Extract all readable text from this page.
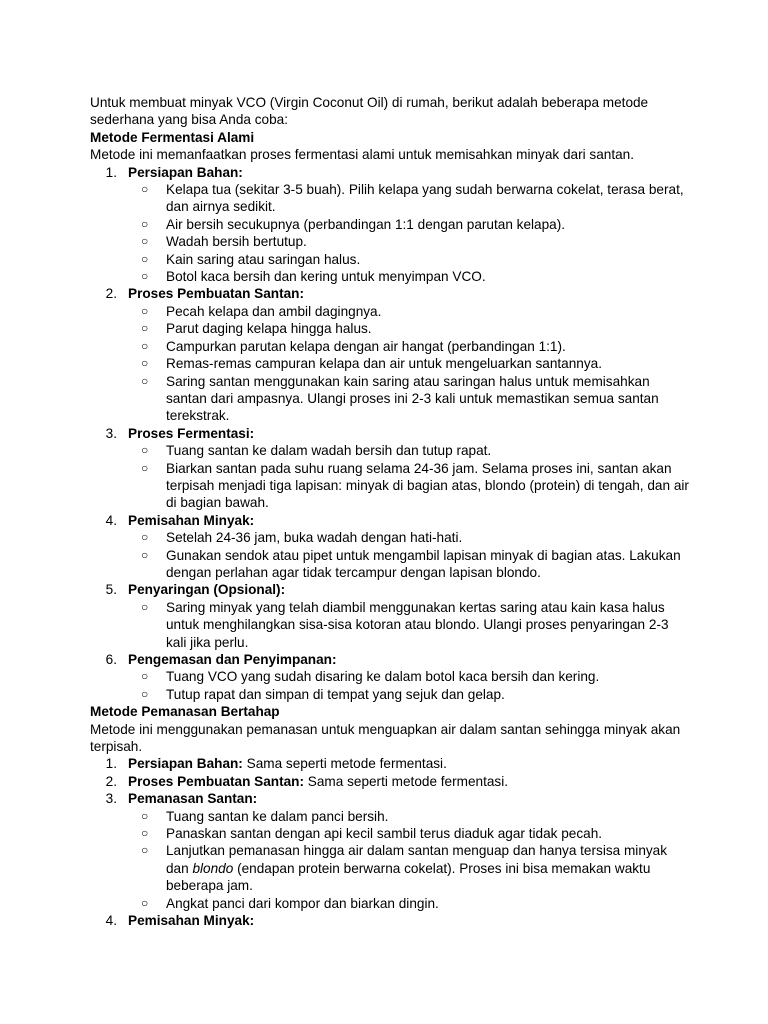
Untuk membuat minyak VCO (Virgin Coconut Oil) di rumah, berikut adalah beberapa metode sederhana yang bisa Anda coba:

Metode Fermentasi Alami

Metode ini memanfaatkan proses fermentasi alami untuk memisahkan minyak dari santan.

1. Persiapan Bahan:
○ Kelapa tua (sekitar 3-5 buah). Pilih kelapa yang sudah berwarna cokelat, terasa berat, dan airnya sedikit.
○ Air bersih secukupnya (perbandingan 1:1 dengan parutan kelapa).
○ Wadah bersih bertutup.
○ Kain saring atau saringan halus.
○ Botol kaca bersih dan kering untuk menyimpan VCO.
2. Proses Pembuatan Santan:
○ Pecah kelapa dan ambil dagingnya.
○ Parut daging kelapa hingga halus.
○ Campurkan parutan kelapa dengan air hangat (perbandingan 1:1).
○ Remas-remas campuran kelapa dan air untuk mengeluarkan santannya.
○ Saring santan menggunakan kain saring atau saringan halus untuk memisahkan santan dari ampasnya. Ulangi proses ini 2-3 kali untuk memastikan semua santan terekstrak.
3. Proses Fermentasi:
○ Tuang santan ke dalam wadah bersih dan tutup rapat.
○ Biarkan santan pada suhu ruang selama 24-36 jam. Selama proses ini, santan akan terpisah menjadi tiga lapisan: minyak di bagian atas, blondo (protein) di tengah, dan air di bagian bawah.
4. Pemisahan Minyak:
○ Setelah 24-36 jam, buka wadah dengan hati-hati.
○ Gunakan sendok atau pipet untuk mengambil lapisan minyak di bagian atas. Lakukan dengan perlahan agar tidak tercampur dengan lapisan blondo.
5. Penyaringan (Opsional):
○ Saring minyak yang telah diambil menggunakan kertas saring atau kain kasa halus untuk menghilangkan sisa-sisa kotoran atau blondo. Ulangi proses penyaringan 2-3 kali jika perlu.
6. Pengemasan dan Penyimpanan:
○ Tuang VCO yang sudah disaring ke dalam botol kaca bersih dan kering.
○ Tutup rapat dan simpan di tempat yang sejuk dan gelap.
Metode Pemanasan Bertahap

Metode ini menggunakan pemanasan untuk menguapkan air dalam santan sehingga minyak akan terpisah.

1. Persiapan Bahan: Sama seperti metode fermentasi.
2. Proses Pembuatan Santan: Sama seperti metode fermentasi.
3. Pemanasan Santan:
○ Tuang santan ke dalam panci bersih.
○ Panaskan santan dengan api kecil sambil terus diaduk agar tidak pecah.
○ Lanjutkan pemanasan hingga air dalam santan menguap dan hanya tersisa minyak dan blondo (endapan protein berwarna cokelat). Proses ini bisa memakan waktu beberapa jam.
○ Angkat panci dari kompor dan biarkan dingin.
4. Pemisahan Minyak:
